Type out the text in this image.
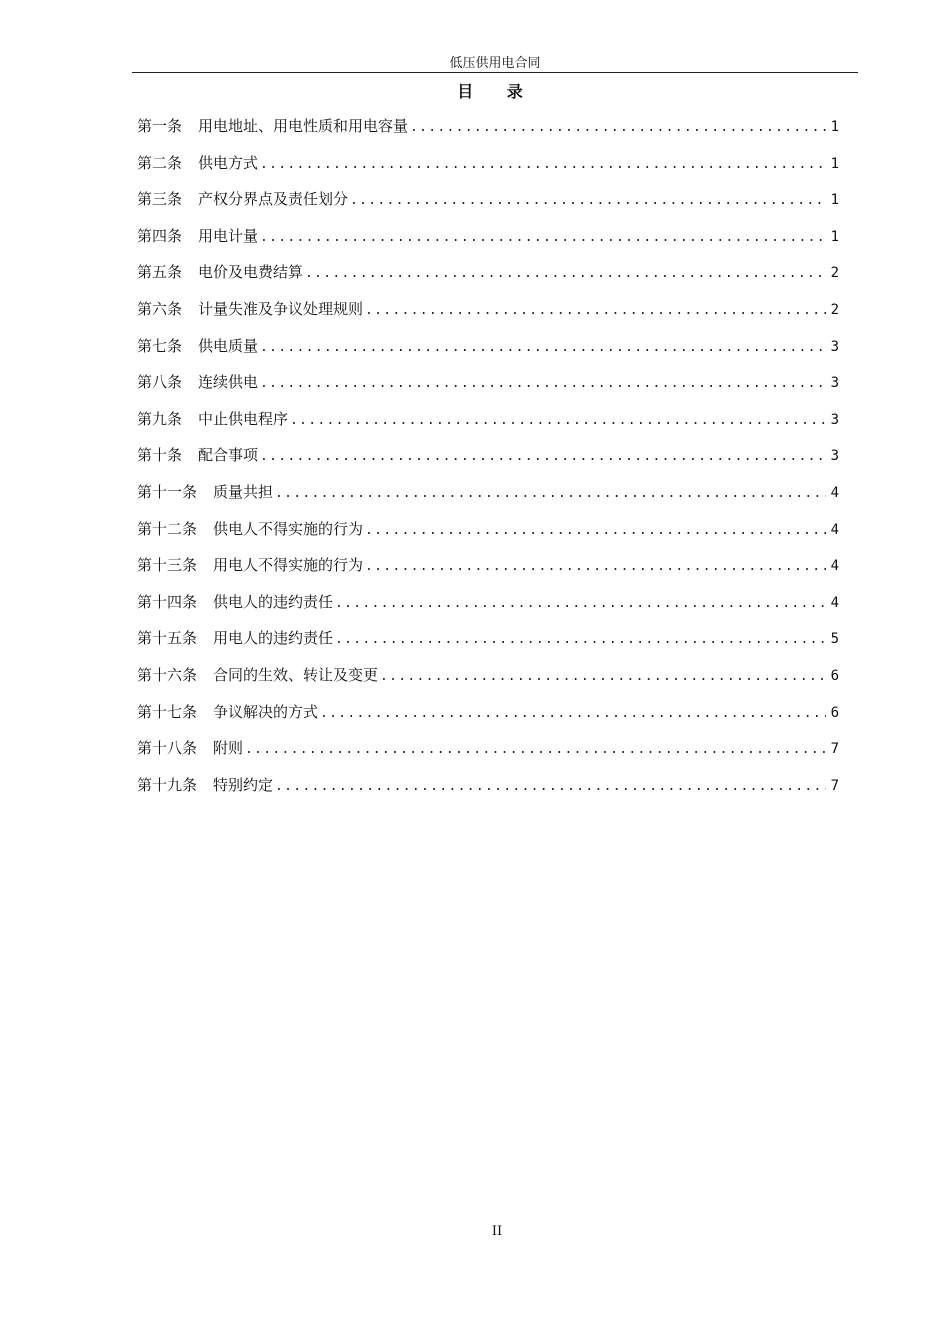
低压供用电合同
目 录
第一条 用电地址、用电性质和用电容量 .....	1
第二条 供电方式 .....	1
第三条 产权分界点及责任划分 .....	1
第四条 用电计量 .....	1
第五条 电价及电费结算 .....	2
第六条 计量失准及争议处理规则 .....	2
第七条 供电质量 .....	3
第八条 连续供电 .....	3
第九条 中止供电程序 .....	3
第十条 配合事项 .....	3
第十一条 质量共担 .....	4
第十二条 供电人不得实施的行为 .....	4
第十三条 用电人不得实施的行为 .....	4
第十四条 供电人的违约责任 .....	4
第十五条 用电人的违约责任 .....	5
第十六条 合同的生效、转让及变更 .....	6
第十七条 争议解决的方式 .....	6
第十八条 附则 .....	7
第十九条 特别约定 .....	7
II
